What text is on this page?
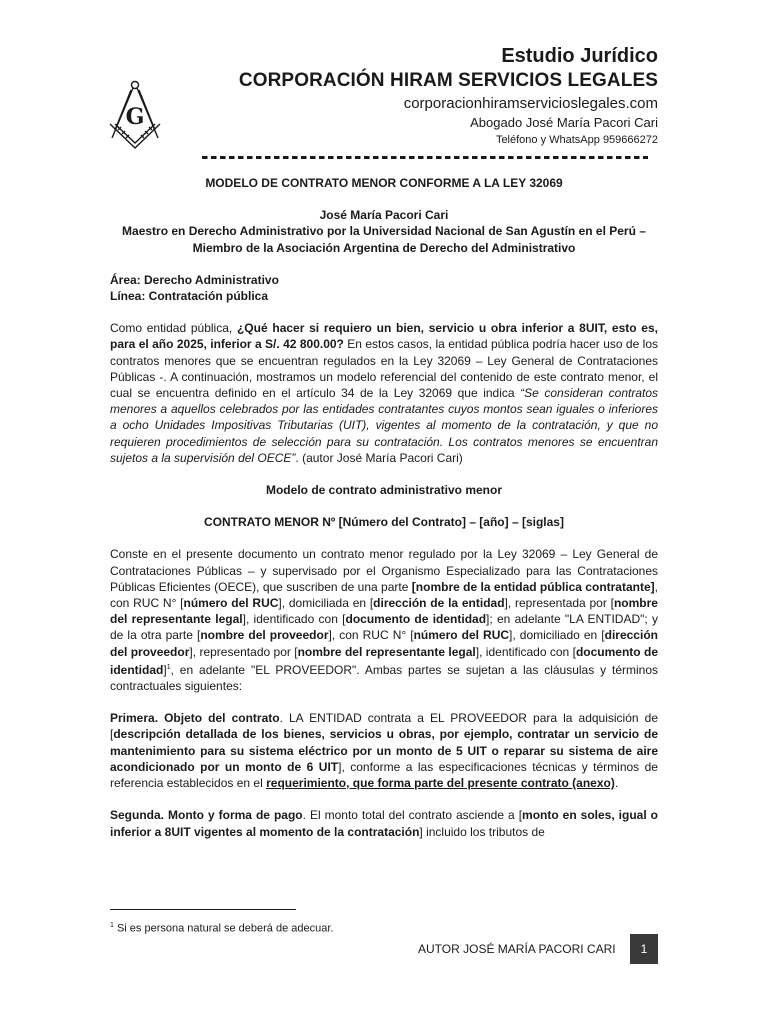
G
Estudio Jurídico
CORPORACIÓN HIRAM SERVICIOS LEGALES
corporacionhiramservicioslegales.com
Abogado José María Pacori Cari
Teléfono y WhatsApp 959666272

MODELO DE CONTRATO MENOR CONFORME A LA LEY 32069

José María Pacori Cari

Maestro en Derecho Administrativo por la Universidad Nacional de San Agustín en el Perú – Miembro de la Asociación Argentina de Derecho del Administrativo

Área: Derecho Administrativo

Línea: Contratación pública

Como entidad pública, ¿Qué hacer si requiero un bien, servicio u obra inferior a 8UIT, esto es, para el año 2025, inferior a S/. 42 800.00? En estos casos, la entidad pública podría hacer uso de los contratos menores que se encuentran regulados en la Ley 32069 – Ley General de Contrataciones Públicas -. A continuación, mostramos un modelo referencial del contenido de este contrato menor, el cual se encuentra definido en el artículo 34 de la Ley 32069 que indica “Se consideran contratos menores a aquellos celebrados por las entidades contratantes cuyos montos sean iguales o inferiores a ocho Unidades Impositivas Tributarias (UIT), vigentes al momento de la contratación, y que no requieren procedimientos de selección para su contratación. Los contratos menores se encuentran sujetos a la supervisión del OECE”. (autor José María Pacori Cari)

Modelo de contrato administrativo menor

CONTRATO MENOR Nº [Número del Contrato] – [año] – [siglas]

Conste en el presente documento un contrato menor regulado por la Ley 32069 – Ley General de Contrataciones Públicas – y supervisado por el Organismo Especializado para las Contrataciones Públicas Eficientes (OECE), que suscriben de una parte [nombre de la entidad pública contratante], con RUC N° [número del RUC], domiciliada en [dirección de la entidad], representada por [nombre del representante legal], identificado con [documento de identidad]; en adelante "LA ENTIDAD"; y de la otra parte [nombre del proveedor], con RUC N° [número del RUC], domiciliado en [dirección del proveedor], representado por [nombre del representante legal], identificado con [documento de identidad]$^1$, en adelante "EL PROVEEDOR". Ambas partes se sujetan a las cláusulas y términos contractuales siguientes:

Primera. Objeto del contrato. LA ENTIDAD contrata a EL PROVEEDOR para la adquisición de [descripción detallada de los bienes, servicios u obras, por ejemplo, contratar un servicio de mantenimiento para su sistema eléctrico por un monto de 5 UIT o reparar su sistema de aire acondicionado por un monto de 6 UIT], conforme a las especificaciones técnicas y términos de referencia establecidos en el requerimiento, que forma parte del presente contrato (anexo).

Segunda. Monto y forma de pago. El monto total del contrato asciende a [monto en soles, igual o inferior a 8UIT vigentes al momento de la contratación] incluido los tributos de

$^1$ Si es persona natural se deberá de adecuar.
AUTOR JOSÉ MARÍA PACORI CARI	1
